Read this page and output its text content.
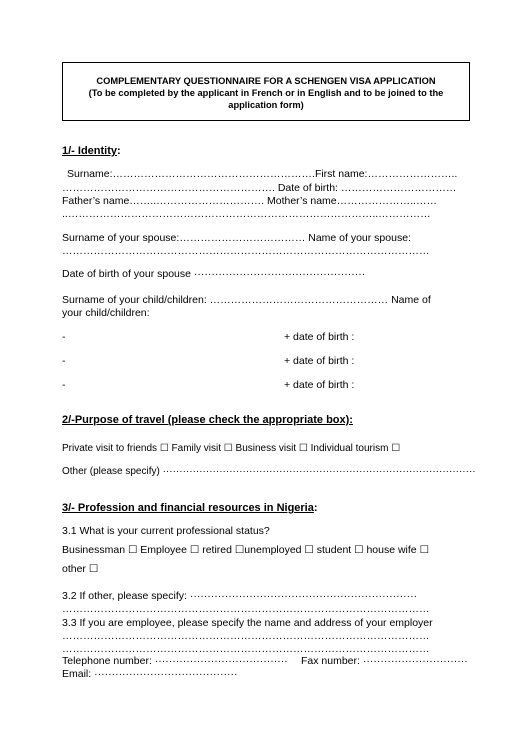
COMPLEMENTARY QUESTIONNAIRE FOR A SCHENGEN VISA APPLICATION
(To be completed by the applicant in French or in English and to be joined to the
application form)
1/- Identity:
Surname:………………………………………………….First name:……………………..
……………………………………………………. Date of birth: ……………………………
Father’s name……..…………………………. Mother’s name…………………..……
..……………………………………………………………………………..……………
Surname of your spouse:……………………………… Name of your spouse:
……………………………………………………………………………………………
Date of birth of your spouse ·················································
Surname of your child/children: …………………………………………… Name of
your child/children:
-	+ date of birth :
-	+ date of birth :
-	+ date of birth :
2/-Purpose of travel (please check the appropriate box):
Private visit to friends ☐ Family visit ☐ Business visit ☐ Individual tourism ☐
Other (please specify) ······························································································
3/- Profession and financial resources in Nigeria:
3.1 What is your current professional status?
Businessman ☐ Employee ☐ retired ☐unemployed ☐ student ☐ house wife ☐
other ☐
3.2 If other, please specify: ·································································
……………………………………………………………………………………………
3.3 If you are employee, please specify the name and address of your employer
……………………………………………………………………………………………
……………………………………………………………………………………………
Telephone number: ······································ Fax number: ······························
Email: ·········································
